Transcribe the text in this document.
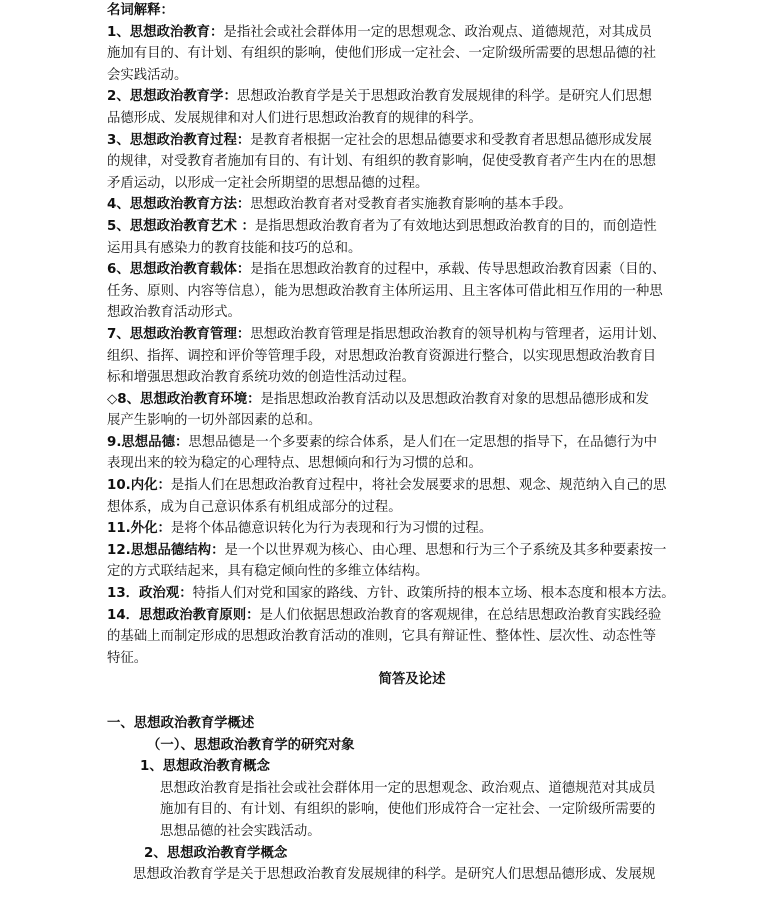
名词解释：

1、思想政治教育：是指社会或社会群体用一定的思想观念、政治观点、道德规范，对其成员

施加有目的、有计划、有组织的影响，使他们形成一定社会、一定阶级所需要的思想品德的社

会实践活动。

2、思想政治教育学：思想政治教育学是关于思想政治教育发展规律的科学。是研究人们思想

品德形成、发展规律和对人们进行思想政治教育的规律的科学。

3、思想政治教育过程：是教育者根据一定社会的思想品德要求和受教育者思想品德形成发展

的规律，对受教育者施加有目的、有计划、有组织的教育影响，促使受教育者产生内在的思想

矛盾运动，以形成一定社会所期望的思想品德的过程。

4、思想政治教育方法：思想政治教育者对受教育者实施教育影响的基本手段。

5、思想政治教育艺术 ：是指思想政治教育者为了有效地达到思想政治教育的目的，而创造性

运用具有感染力的教育技能和技巧的总和。

6、思想政治教育载体：是指在思想政治教育的过程中，承载、传导思想政治教育因素（目的、

任务、原则、内容等信息），能为思想政治教育主体所运用、且主客体可借此相互作用的一种思

想政治教育活动形式。

7、思想政治教育管理：思想政治教育管理是指思想政治教育的领导机构与管理者，运用计划、

组织、指挥、调控和评价等管理手段，对思想政治教育资源进行整合，以实现思想政治教育目

标和增强思想政治教育系统功效的创造性活动过程。

◇8、思想政治教育环境：是指思想政治教育活动以及思想政治教育对象的思想品德形成和发

展产生影响的一切外部因素的总和。

9.思想品德：思想品德是一个多要素的综合体系，是人们在一定思想的指导下，在品德行为中

表现出来的较为稳定的心理特点、思想倾向和行为习惯的总和。

10.内化：是指人们在思想政治教育过程中，将社会发展要求的思想、观念、规范纳入自己的思

想体系，成为自己意识体系有机组成部分的过程。

11.外化：是将个体品德意识转化为行为表现和行为习惯的过程。

12.思想品德结构：是一个以世界观为核心、由心理、思想和行为三个子系统及其多种要素按一

定的方式联结起来，具有稳定倾向性的多维立体结构。

13．政治观：特指人们对党和国家的路线、方针、政策所持的根本立场、根本态度和根本方法。

14．思想政治教育原则：是人们依据思想政治教育的客观规律，在总结思想政治教育实践经验

的基础上而制定形成的思想政治教育活动的准则，它具有辩证性、整体性、层次性、动态性等

特征。

简答及论述

一、思想政治教育学概述

（一）、思想政治教育学的研究对象

1、思想政治教育概念

思想政治教育是指社会或社会群体用一定的思想观念、政治观点、道德规范对其成员

施加有目的、有计划、有组织的影响，使他们形成符合一定社会、一定阶级所需要的

思想品德的社会实践活动。

2、思想政治教育学概念

思想政治教育学是关于思想政治教育发展规律的科学。是研究人们思想品德形成、发展规
